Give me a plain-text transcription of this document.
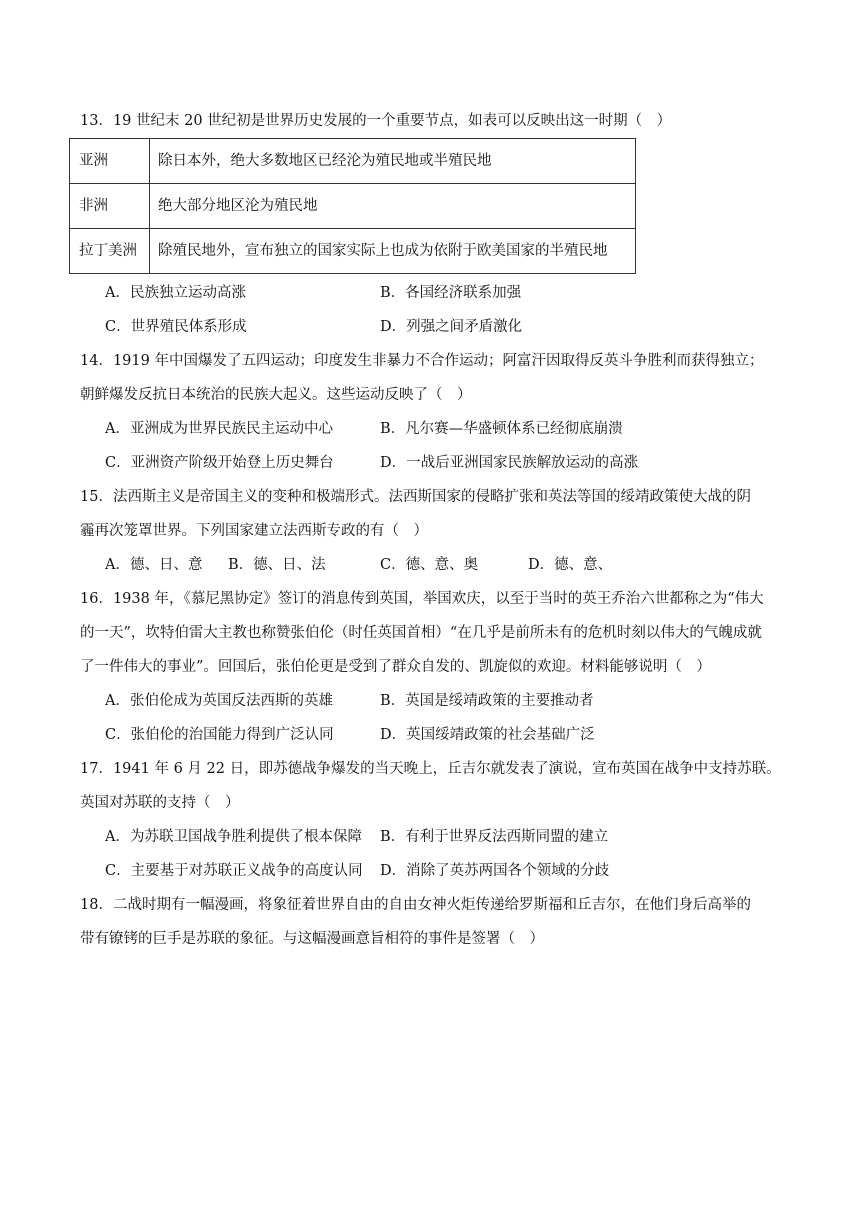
13．19 世纪末 20 世纪初是世界历史发展的一个重要节点，如表可以反映出这一时期（　）
亚洲	除日本外，绝大多数地区已经沦为殖民地或半殖民地
非洲	绝大部分地区沦为殖民地
拉丁美洲	除殖民地外，宣布独立的国家实际上也成为依附于欧美国家的半殖民地
A．民族独立运动高涨	B．各国经济联系加强
C．世界殖民体系形成	D．列强之间矛盾激化
14．1919 年中国爆发了五四运动；印度发生非暴力不合作运动；阿富汗因取得反英斗争胜利而获得独立；
朝鲜爆发反抗日本统治的民族大起义。这些运动反映了（　）
A．亚洲成为世界民族民主运动中心	B．凡尔赛—华盛顿体系已经彻底崩溃
C．亚洲资产阶级开始登上历史舞台	D．一战后亚洲国家民族解放运动的高涨
15．法西斯主义是帝国主义的变种和极端形式。法西斯国家的侵略扩张和英法等国的绥靖政策使大战的阴
霾再次笼罩世界。下列国家建立法西斯专政的有（　）
A．德、日、意 B．德、日、法	C．德、意、奥	D．德、意、
16．1938 年，《慕尼黑协定》签订的消息传到英国，举国欢庆，以至于当时的英王乔治六世都称之为“伟大
的一天”，坎特伯雷大主教也称赞张伯伦（时任英国首相）“在几乎是前所未有的危机时刻以伟大的气魄成就
了一件伟大的事业”。回国后，张伯伦更是受到了群众自发的、凯旋似的欢迎。材料能够说明（　）
A．张伯伦成为英国反法西斯的英雄	B．英国是绥靖政策的主要推动者
C．张伯伦的治国能力得到广泛认同	D．英国绥靖政策的社会基础广泛
17．1941 年 6 月 22 日，即苏德战争爆发的当天晚上，丘吉尔就发表了演说，宣布英国在战争中支持苏联。
英国对苏联的支持（　）
A．为苏联卫国战争胜利提供了根本保障 B．有利于世界反法西斯同盟的建立
C．主要基于对苏联正义战争的高度认同 D．消除了英苏两国各个领域的分歧
18．二战时期有一幅漫画，将象征着世界自由的自由女神火炬传递给罗斯福和丘吉尔，在他们身后高举的
带有镣铐的巨手是苏联的象征。与这幅漫画意旨相符的事件是签署（　）
